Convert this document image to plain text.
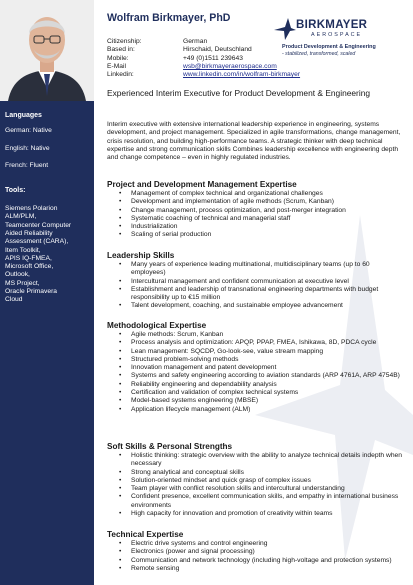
Languages
German: Native
English: Native
French: Fluent
Tools:
Siemens Polarion
ALM/PLM,
Teamcenter Computer
Aided Reliability
Assessment (CARA),
Item Toolkit,
APIS IQ-FMEA,
Microsoft Office,
Outlook,
MS Project,
Oracle Primavera
Cloud
Wolfram Birkmayer, PhD
Citizenship:	German
Based in:	Hirschaid, Deutschland
Mobile:	+49 (0)1511 239643
E-Mail	wsb@birkmayeraerospace.com
Linkedin:	www.linkedin.com/in/wolfram-birkmayer
BIRKMAYER
AEROSPACE
Product Development & Engineering
- stabilized, transformed, scaled
Experienced Interim Executive for Product Development & Engineering
Interim executive with extensive international leadership experience in engineering, systems development, and project management. Specialized in agile transformations, change management, crisis resolution, and building high-performance teams. A strategic thinker with deep technical expertise and strong communication skills Combines leadership excellence with engineering depth and change competence – even in highly regulated industries.
Project and Development Management Expertise
• Management of complex technical and organizational challenges
• Development and implementation of agile methods (Scrum, Kanban)
• Change management, process optimization, and post-merger integration
• Systematic coaching of technical and managerial staff
• Industrialization
• Scaling of serial production
Leadership Skills
• Many years of experience leading multinational, multidisciplinary teams (up to 60 employees)
• Intercultural management and confident communication at executive level
• Establishment and leadership of transnational engineering departments with budget responsibility up to €15 million
• Talent development, coaching, and sustainable employee advancement
Methodological Expertise
• Agile methods: Scrum, Kanban
• Process analysis and optimization: APQP, PPAP, FMEA, Ishikawa, 8D, PDCA cycle
• Lean management: SQCDP, Go-look-see, value stream mapping
• Structured problem-solving methods
• Innovation management and patent development
• Systems and safety engineering according to aviation standards (ARP 4761A, ARP 4754B)
• Reliability engineering and dependability analysis
• Certification and validation of complex technical systems
• Model-based systems engineering (MBSE)
• Application lifecycle management (ALM)
Soft Skills & Personal Strengths
• Holistic thinking: strategic overview with the ability to analyze technical details indepth when necessary
• Strong analytical and conceptual skills
• Solution-oriented mindset and quick grasp of complex issues
• Team player with conflict resolution skills and intercultural understanding
• Confident presence, excellent communication skills, and empathy in international business environments
• High capacity for innovation and promotion of creativity within teams
Technical Expertise
• Electric drive systems and control engineering
• Electronics (power and signal processing)
• Communication and network technology (including high-voltage and protection systems)
• Remote sensing
